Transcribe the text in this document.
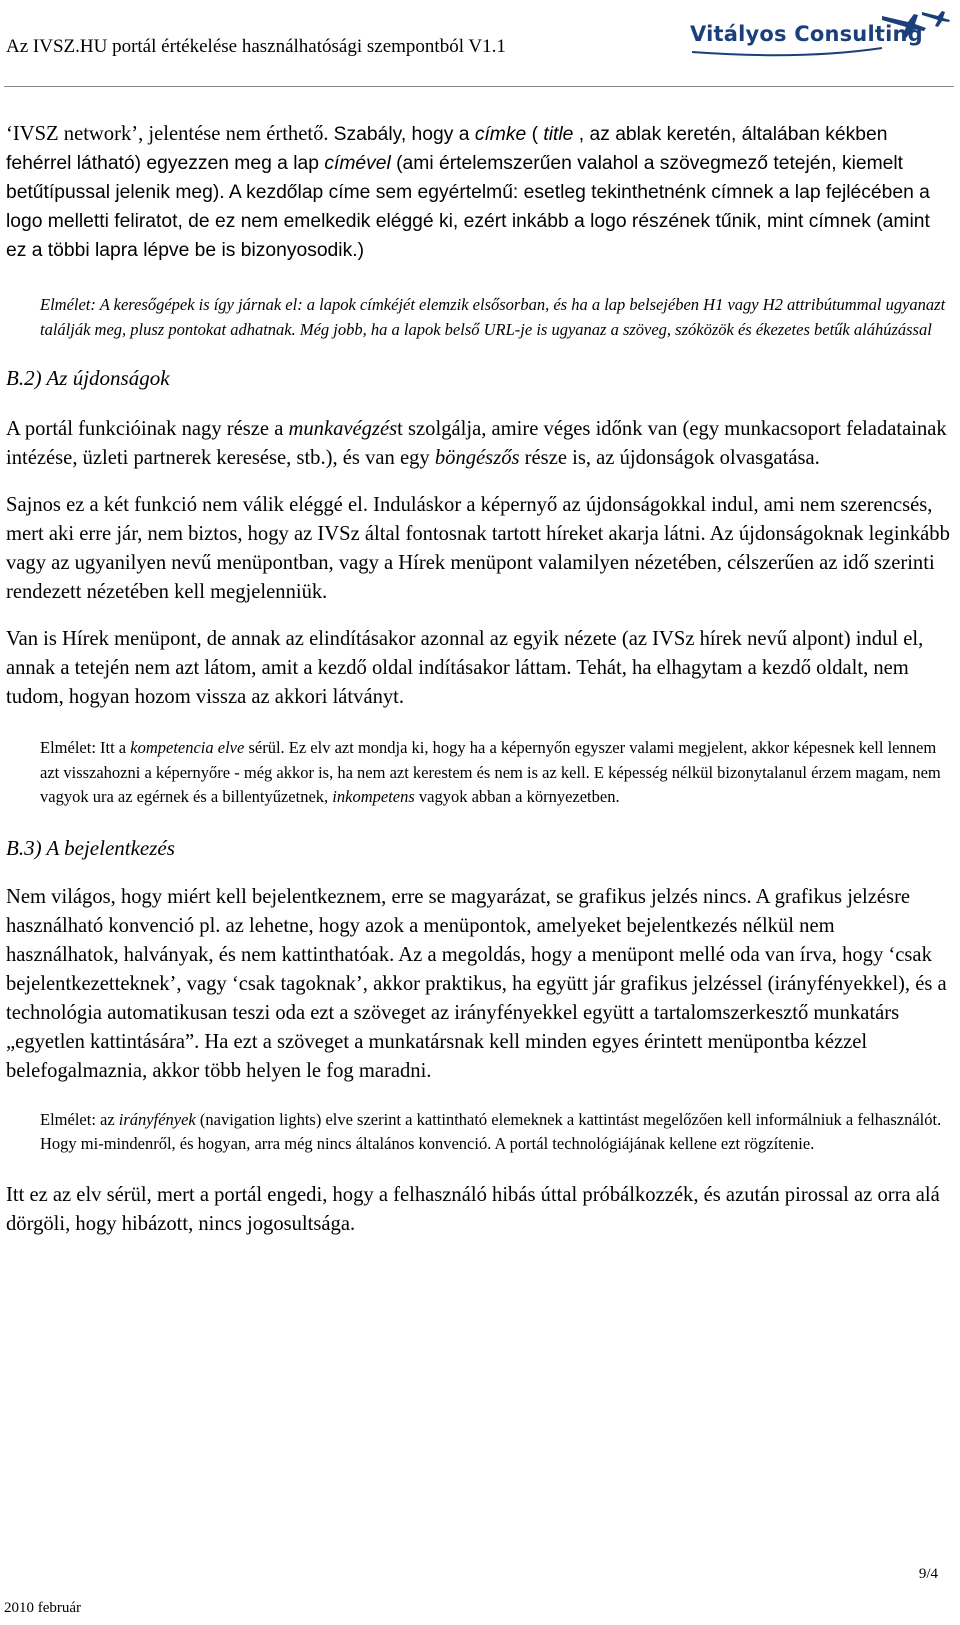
Az IVSZ.HU portál értékelése használhatósági szempontból V1.1
Vitályos Consulting

‘IVSZ network’, jelentése nem érthető. Szabály, hogy a címke ( title , az ablak keretén, általában kékben fehérrel látható) egyezzen meg a lap címével (ami értelemszerűen valahol a szövegmező tetején, kiemelt betűtípussal jelenik meg). A kezdőlap címe sem egyértelmű: esetleg tekinthetnénk címnek a lap fejlécében a logo melletti feliratot, de ez nem emelkedik eléggé ki, ezért inkább a logo részének tűnik, mint címnek (amint ez a többi lapra lépve be is bizonyosodik.)

Elmélet: A keresőgépek is így járnak el: a lapok címkéjét elemzik elsősorban, és ha a lap belsejében H1 vagy H2 attribútummal ugyanazt találják meg, plusz pontokat adhatnak. Még jobb, ha a lapok belső URL-je is ugyanaz a szöveg, szóközök és ékezetes betűk aláhúzással

B.2) Az újdonságok

A portál funkcióinak nagy része a munkavégzést szolgálja, amire véges időnk van (egy munkacsoport feladatainak intézése, üzleti partnerek keresése, stb.), és van egy böngészős része is, az újdonságok olvasgatása.

Sajnos ez a két funkció nem válik eléggé el. Induláskor a képernyő az újdonságokkal indul, ami nem szerencsés, mert aki erre jár, nem biztos, hogy az IVSz által fontosnak tartott híreket akarja látni. Az újdonságoknak leginkább vagy az ugyanilyen nevű menüpontban, vagy a Hírek menüpont valamilyen nézetében, célszerűen az idő szerinti rendezett nézetében kell megjelenniük.

Van is Hírek menüpont, de annak az elindításakor azonnal az egyik nézete (az IVSz hírek nevű alpont) indul el, annak a tetején nem azt látom, amit a kezdő oldal indításakor láttam. Tehát, ha elhagytam a kezdő oldalt, nem tudom, hogyan hozom vissza az akkori látványt.

Elmélet: Itt a kompetencia elve sérül. Ez elv azt mondja ki, hogy ha a képernyőn egyszer valami megjelent, akkor képesnek kell lennem azt visszahozni a képernyőre - még akkor is, ha nem azt kerestem és nem is az kell. E képesség nélkül bizonytalanul érzem magam, nem vagyok ura az egérnek és a billentyűzetnek, inkompetens vagyok abban a környezetben.

B.3) A bejelentkezés

Nem világos, hogy miért kell bejelentkeznem, erre se magyarázat, se grafikus jelzés nincs. A grafikus jelzésre használható konvenció pl. az lehetne, hogy azok a menüpontok, amelyeket bejelentkezés nélkül nem használhatok, halványak, és nem kattinthatóak. Az a megoldás, hogy a menüpont mellé oda van írva, hogy ‘csak bejelentkezetteknek’, vagy ‘csak tagoknak’, akkor praktikus, ha együtt jár grafikus jelzéssel (irányfényekkel), és a technológia automatikusan teszi oda ezt a szöveget az irányfényekkel együtt a tartalomszerkesztő munkatárs „egyetlen kattintására”. Ha ezt a szöveget a munkatársnak kell minden egyes érintett menüpontba kézzel belefogalmaznia, akkor több helyen le fog maradni.

Elmélet: az irányfények (navigation lights) elve szerint a kattintható elemeknek a kattintást megelőzően kell informálniuk a felhasználót. Hogy mi-mindenről, és hogyan, arra még nincs általános konvenció. A portál technológiájának kellene ezt rögzítenie.

Itt ez az elv sérül, mert a portál engedi, hogy a felhasználó hibás úttal próbálkozzék, és azután pirossal az orra alá dörgöli, hogy hibázott, nincs jogosultsága.

9/4
2010 február
